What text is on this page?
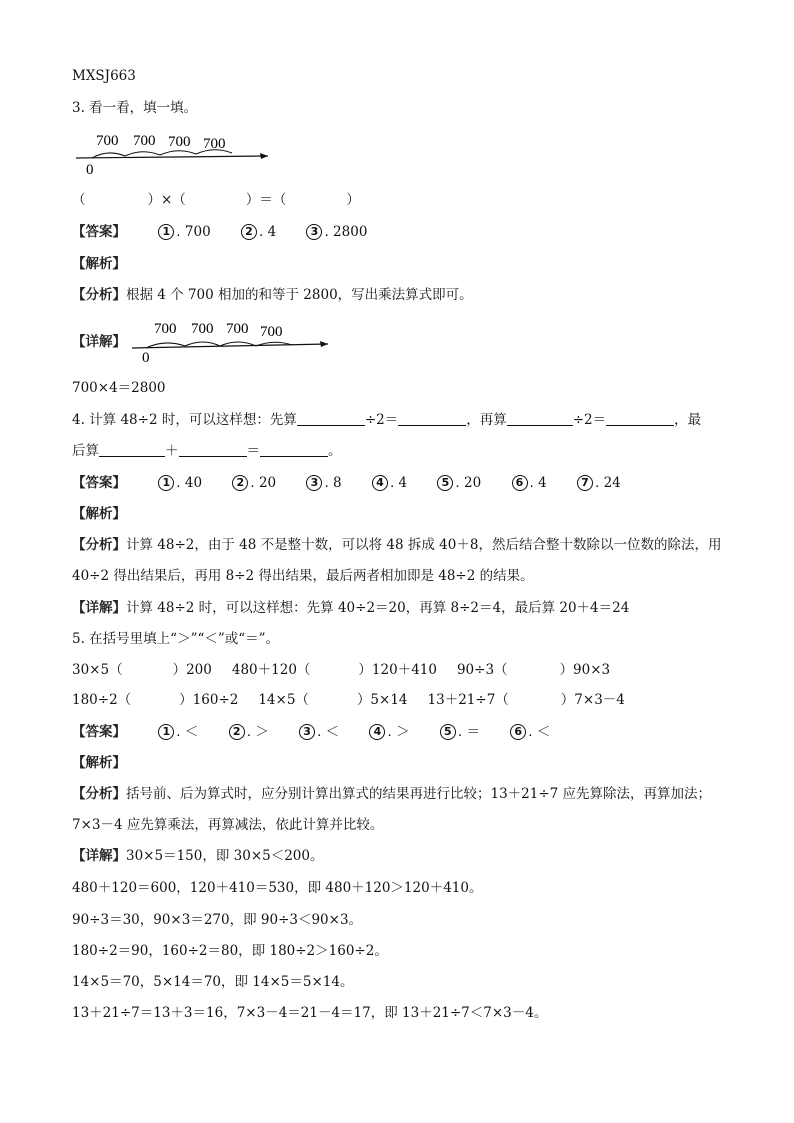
MXSJ663
3. 看一看，填一填。
700 700 700 700
0
（	）×（	）＝（	）
【答案】	1 . 700	2 . 4	3 . 2800
【解析】
【分析】根据 4 个 700 相加的和等于 2800，写出乘法算式即可。
【详解】
700 700 700 700
0
700×4＝2800
4. 计算 48÷2 时，可以这样想：先算	÷2＝	，再算	÷2＝	，最
后算	＋	＝	。
【答案】	1 . 40	2 . 20	3 . 8	4 . 4	5 . 20	6 . 4	7 . 24
【解析】
【分析】计算 48÷2，由于 48 不是整十数，可以将 48 拆成 40＋8，然后结合整十数除以一位数的除法，用
40÷2 得出结果后，再用 8÷2 得出结果，最后两者相加即是 48÷2 的结果。
【详解】计算 48÷2 时，可以这样想：先算 40÷2＝20，再算 8÷2＝4，最后算 20＋4＝24
5. 在括号里填上“＞”“＜”或“＝”。
30×5（	）200 480＋120（	）120＋410 90÷3（	）90×3
180÷2（	）160÷2 14×5（	）5×14 13＋21÷7（	）7×3－4
【答案】	1 . ＜	2 . ＞	3 . ＜	4 . ＞	5 . ＝	6 . ＜
【解析】
【分析】括号前、后为算式时，应分别计算出算式的结果再进行比较；13＋21÷7 应先算除法，再算加法；
7×3－4 应先算乘法，再算减法，依此计算并比较。
【详解】30×5＝150，即 30×5＜200。
480＋120＝600，120＋410＝530，即 480＋120＞120＋410。
90÷3＝30，90×3＝270，即 90÷3＜90×3。
180÷2＝90，160÷2＝80，即 180÷2＞160÷2。
14×5＝70，5×14＝70，即 14×5＝5×14。
13＋21÷7＝13＋3＝16，7×3－4＝21－4＝17，即 13＋21÷7＜7×3－4。
